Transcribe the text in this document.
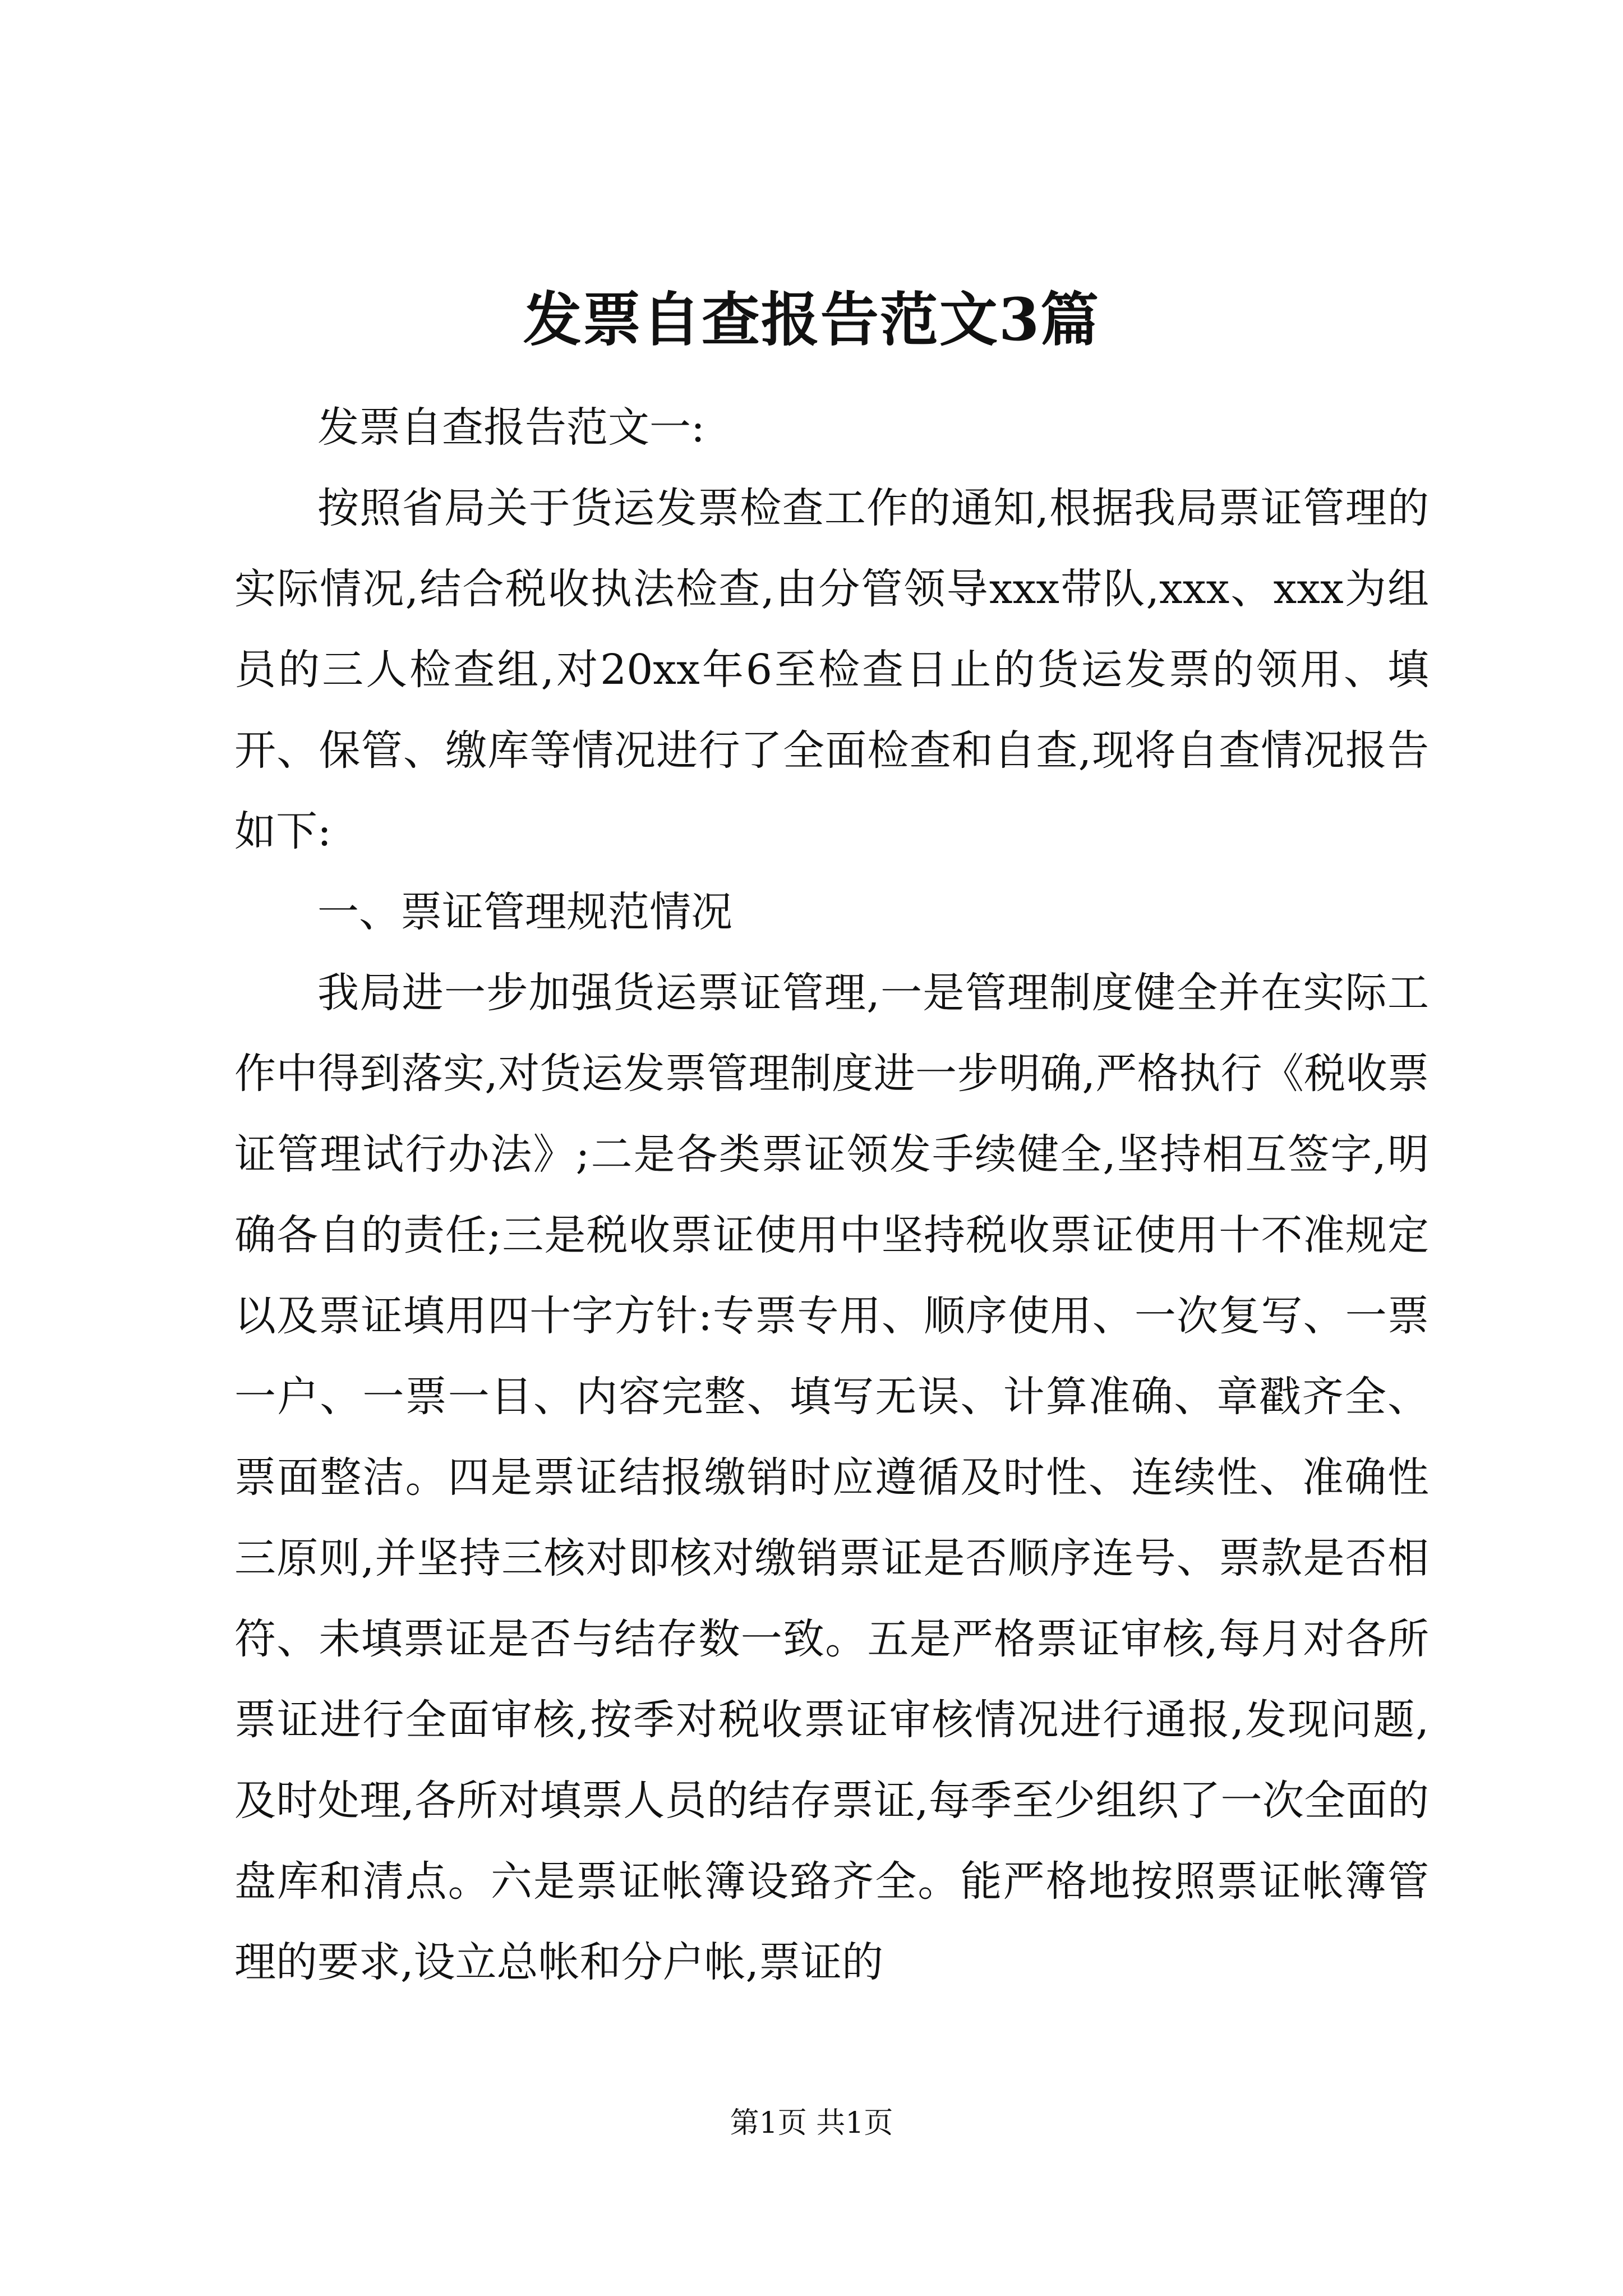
发票自查报告范文3篇

发票自查报告范文一:

按照省局关于货运发票检查工作的通知,根据我局票证管理的实际情况,结合税收执法检查,由分管领导xxx带队,xxx、xxx为组员的三人检查组,对20xx年6至检查日止的货运发票的领用、填开、保管、缴库等情况进行了全面检查和自查,现将自查情况报告如下:

一、票证管理规范情况

我局进一步加强货运票证管理,一是管理制度健全并在实际工作中得到落实,对货运发票管理制度进一步明确,严格执行《税收票证管理试行办法》;二是各类票证领发手续健全,坚持相互签字,明确各自的责任;三是税收票证使用中坚持税收票证使用十不准规定以及票证填用四十字方针:专票专用、顺序使用、一次复写、一票一户、一票一目、内容完整、填写无误、计算准确、章戳齐全、票面整洁。四是票证结报缴销时应遵循及时性、连续性、准确性三原则,并坚持三核对即核对缴销票证是否顺序连号、票款是否相符、未填票证是否与结存数一致。五是严格票证审核,每月对各所票证进行全面审核,按季对税收票证审核情况进行通报,发现问题,及时处理,各所对填票人员的结存票证,每季至少组织了一次全面的盘库和清点。六是票证帐簿设臵齐全。能严格地按照票证帐簿管理的要求,设立总帐和分户帐,票证的

第1页 共1页
